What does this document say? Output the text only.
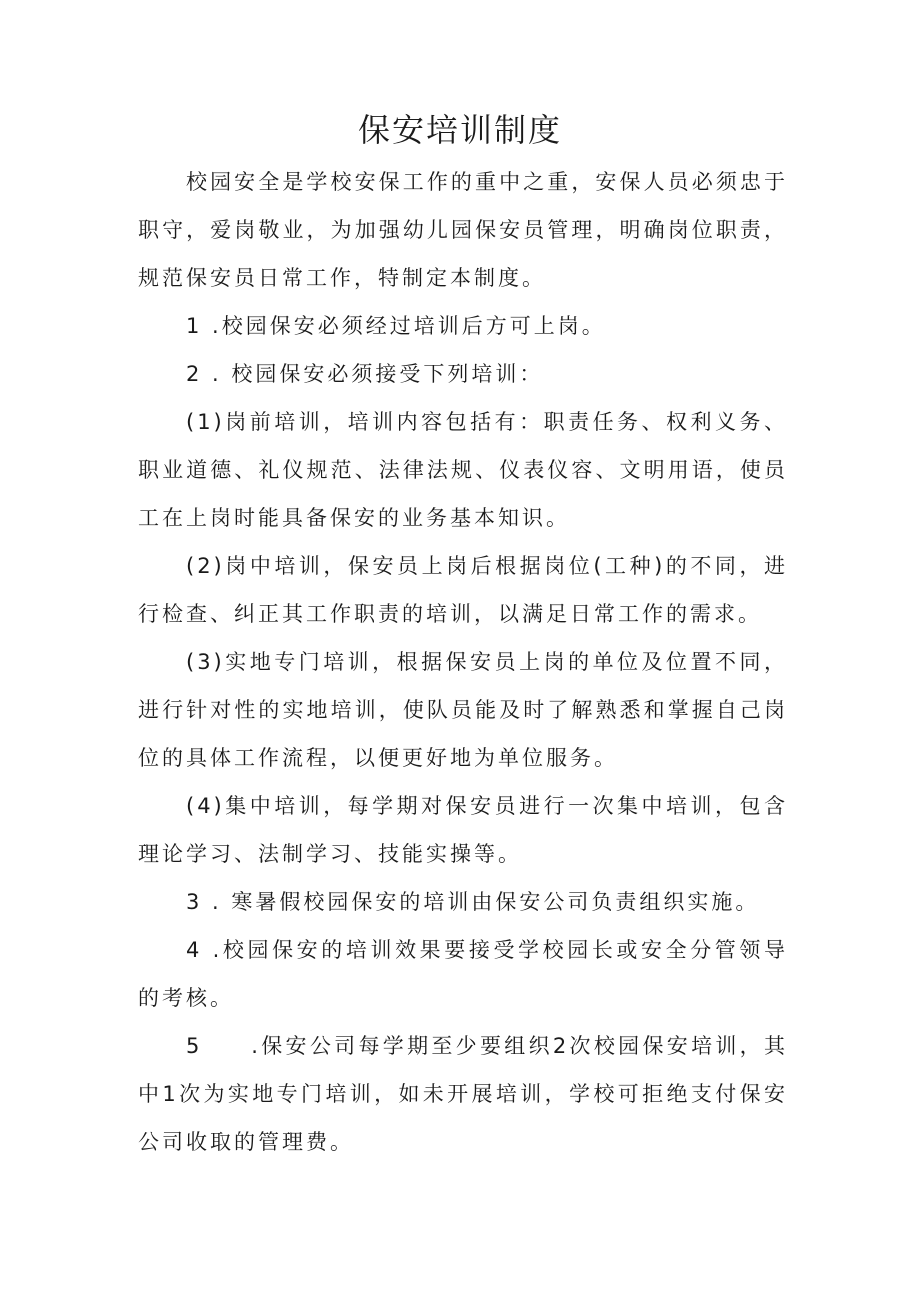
保安培训制度

校园安全是学校安保工作的重中之重，安保人员必须忠于职守，爱岗敬业，为加强幼儿园保安员管理，明确岗位职责，规范保安员日常工作，特制定本制度。

1 .校园保安必须经过培训后方可上岗。

2 . 校园保安必须接受下列培训：

(1)岗前培训，培训内容包括有：职责任务、权利义务、职业道德、礼仪规范、法律法规、仪表仪容、文明用语，使员工在上岗时能具备保安的业务基本知识。

(2)岗中培训，保安员上岗后根据岗位(工种)的不同，进行检查、纠正其工作职责的培训，以满足日常工作的需求。

(3)实地专门培训，根据保安员上岗的单位及位置不同，进行针对性的实地培训，使队员能及时了解熟悉和掌握自己岗位的具体工作流程，以便更好地为单位服务。

(4)集中培训，每学期对保安员进行一次集中培训，包含理论学习、法制学习、技能实操等。

3 . 寒暑假校园保安的培训由保安公司负责组织实施。

4 .校园保安的培训效果要接受学校园长或安全分管领导的考核。

5　　.保安公司每学期至少要组织2次校园保安培训，其中1次为实地专门培训，如未开展培训，学校可拒绝支付保安公司收取的管理费。
